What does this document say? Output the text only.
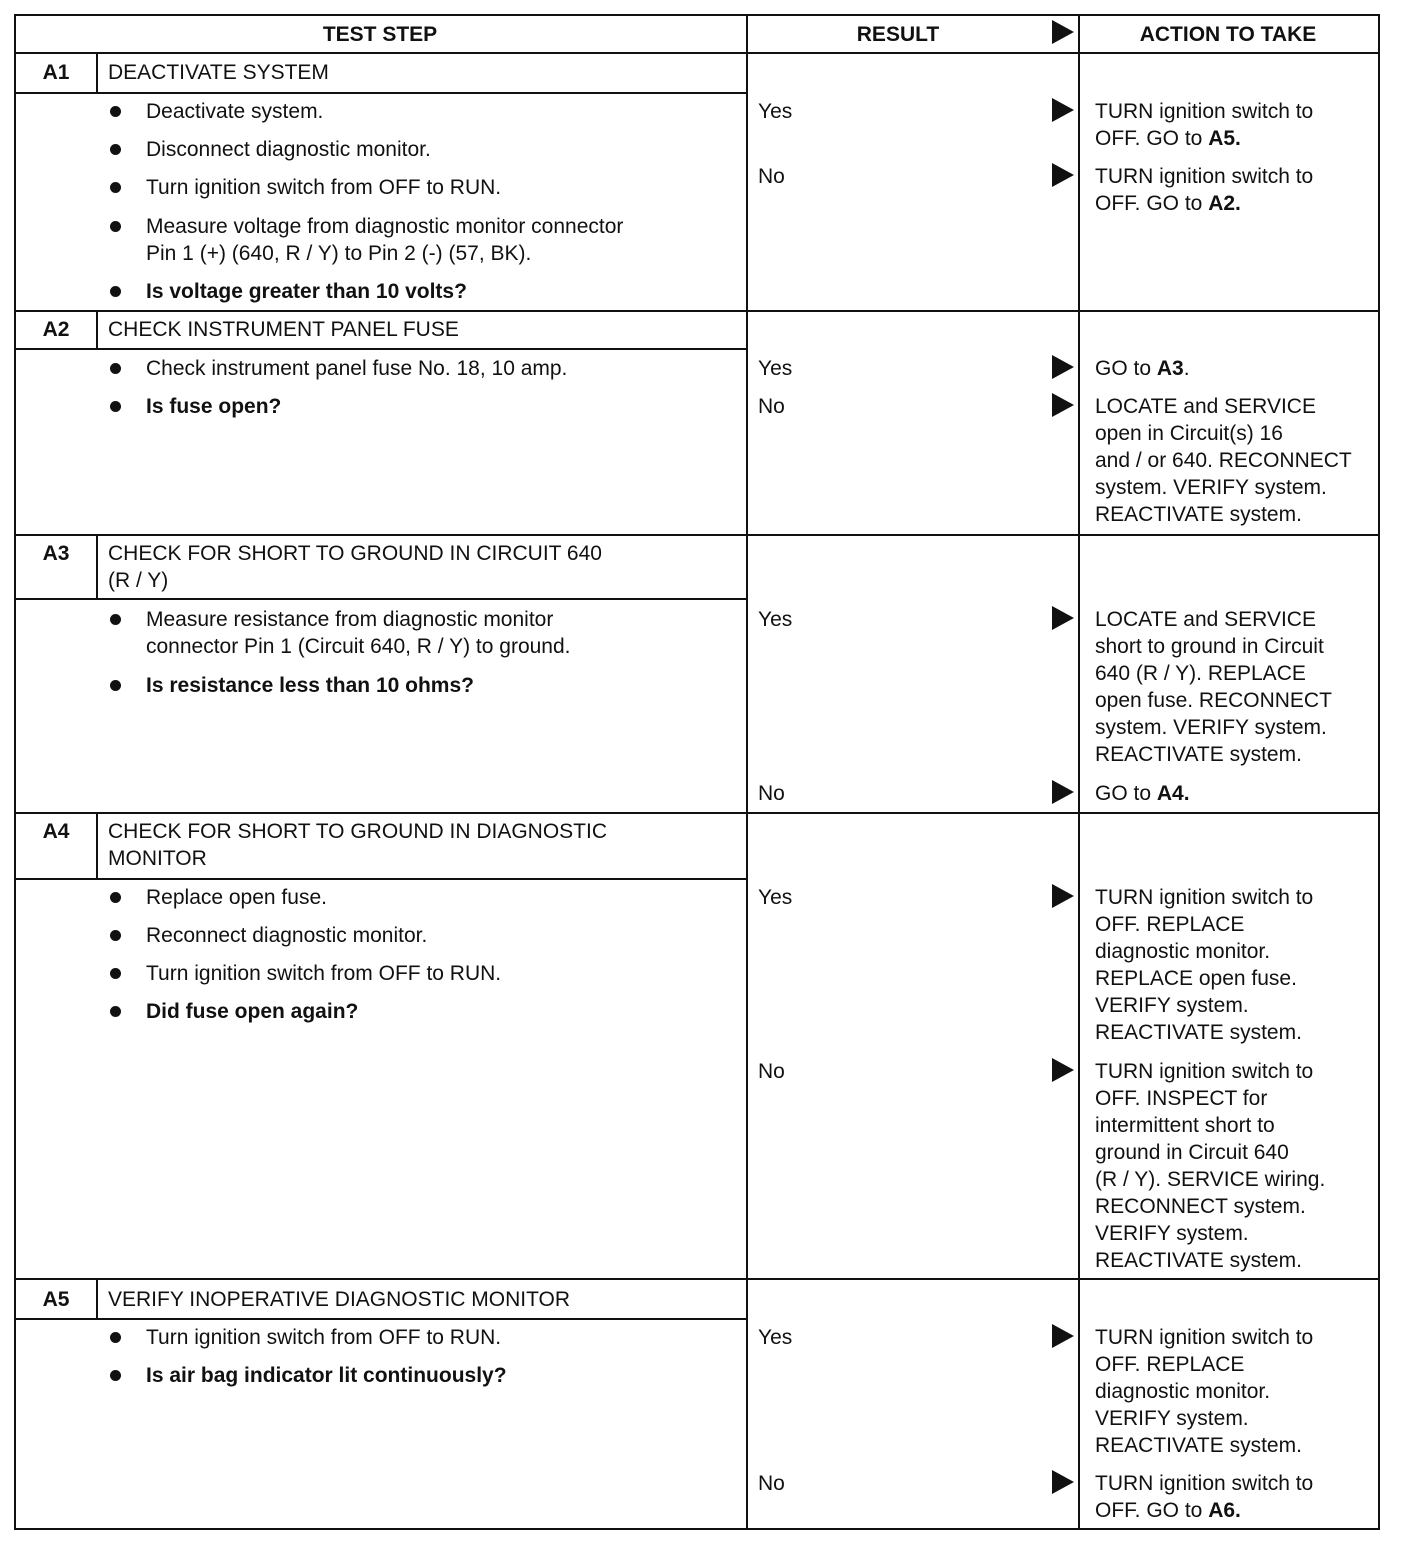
TEST STEP	RESULT	ACTION TO TAKE
A1	DEACTIVATE SYSTEM
Deactivate system.
Disconnect diagnostic monitor.
Turn ignition switch from OFF to RUN.
Measure voltage from diagnostic monitor connector
Pin 1 (+) (640, R / Y) to Pin 2 (-) (57, BK).
Is voltage greater than 10 volts?
Yes	TURN ignition switch to
OFF. GO to A5.
No	TURN ignition switch to
OFF. GO to A2.
A2	CHECK INSTRUMENT PANEL FUSE
Check instrument panel fuse No. 18, 10 amp.
Is fuse open?
Yes	GO to A3.
No	LOCATE and SERVICE
open in Circuit(s) 16
and / or 640. RECONNECT
system. VERIFY system.
REACTIVATE system.
A3	CHECK FOR SHORT TO GROUND IN CIRCUIT 640
(R / Y)
Measure resistance from diagnostic monitor
connector Pin 1 (Circuit 640, R / Y) to ground.
Is resistance less than 10 ohms?
Yes	LOCATE and SERVICE
short to ground in Circuit
640 (R / Y). REPLACE
open fuse. RECONNECT
system. VERIFY system.
REACTIVATE system.
No	GO to A4.
A4	CHECK FOR SHORT TO GROUND IN DIAGNOSTIC
MONITOR
Replace open fuse.
Reconnect diagnostic monitor.
Turn ignition switch from OFF to RUN.
Did fuse open again?
Yes	TURN ignition switch to
OFF. REPLACE
diagnostic monitor.
REPLACE open fuse.
VERIFY system.
REACTIVATE system.
No	TURN ignition switch to
OFF. INSPECT for
intermittent short to
ground in Circuit 640
(R / Y). SERVICE wiring.
RECONNECT system.
VERIFY system.
REACTIVATE system.
A5	VERIFY INOPERATIVE DIAGNOSTIC MONITOR
Turn ignition switch from OFF to RUN.
Is air bag indicator lit continuously?
Yes	TURN ignition switch to
OFF. REPLACE
diagnostic monitor.
VERIFY system.
REACTIVATE system.
No	TURN ignition switch to
OFF. GO to A6.
